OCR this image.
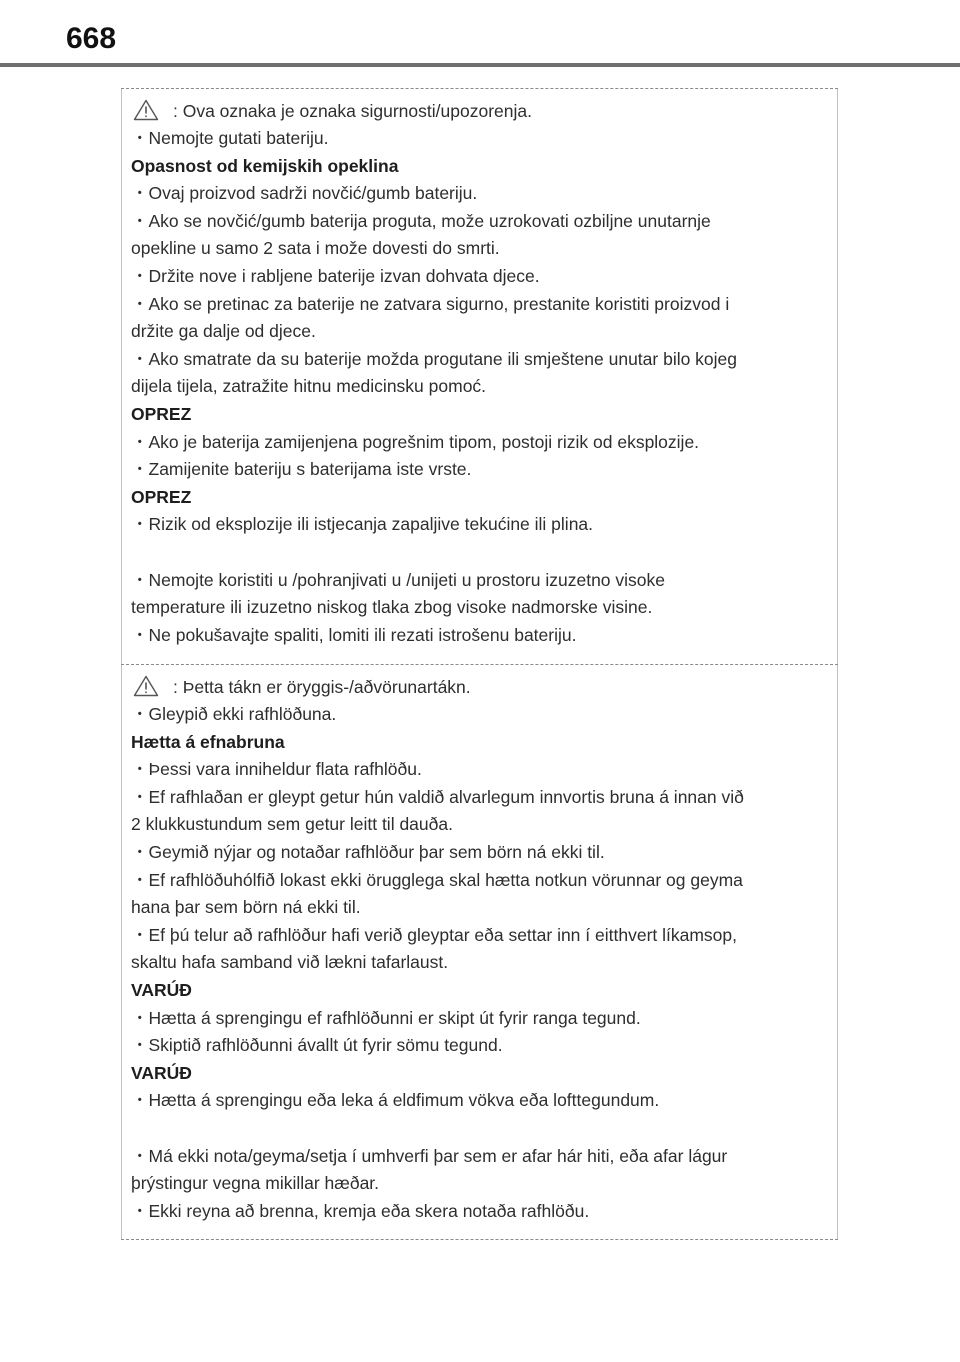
668
: Ova oznaka je oznaka sigurnosti/upozorenja.
・Nemojte gutati bateriju.
Opasnost od kemijskih opeklina
・Ovaj proizvod sadrži novčić/gumb bateriju.
・Ako se novčić/gumb baterija proguta, može uzrokovati ozbiljne unutarnje
opekline u samo 2 sata i može dovesti do smrti.
・Držite nove i rabljene baterije izvan dohvata djece.
・Ako se pretinac za baterije ne zatvara sigurno, prestanite koristiti proizvod i
držite ga dalje od djece.
・Ako smatrate da su baterije možda progutane ili smještene unutar bilo kojeg
dijela tijela, zatražite hitnu medicinsku pomoć.
OPREZ
・Ako je baterija zamijenjena pogrešnim tipom, postoji rizik od eksplozije.
・Zamijenite bateriju s baterijama iste vrste.
OPREZ
・Rizik od eksplozije ili istjecanja zapaljive tekućine ili plina.
・Nemojte koristiti u /pohranjivati u /unijeti u prostoru izuzetno visoke
temperature ili izuzetno niskog tlaka zbog visoke nadmorske visine.
・Ne pokušavajte spaliti, lomiti ili rezati istrošenu bateriju.
: Þetta tákn er öryggis-/aðvörunartákn.
・Gleypið ekki rafhlöðuna.
Hætta á efnabruna
・Þessi vara inniheldur flata rafhlöðu.
・Ef rafhlaðan er gleypt getur hún valdið alvarlegum innvortis bruna á innan við
2 klukkustundum sem getur leitt til dauða.
・Geymið nýjar og notaðar rafhlöður þar sem börn ná ekki til.
・Ef rafhlöðuhólfið lokast ekki örugglega skal hætta notkun vörunnar og geyma
hana þar sem börn ná ekki til.
・Ef þú telur að rafhlöður hafi verið gleyptar eða settar inn í eitthvert líkamsop,
skaltu hafa samband við lækni tafarlaust.
VARÚÐ
・Hætta á sprengingu ef rafhlöðunni er skipt út fyrir ranga tegund.
・Skiptið rafhlöðunni ávallt út fyrir sömu tegund.
VARÚÐ
・Hætta á sprengingu eða leka á eldfimum vökva eða lofttegundum.
・Má ekki nota/geyma/setja í umhverfi þar sem er afar hár hiti, eða afar lágur
þrýstingur vegna mikillar hæðar.
・Ekki reyna að brenna, kremja eða skera notaða rafhlöðu.
